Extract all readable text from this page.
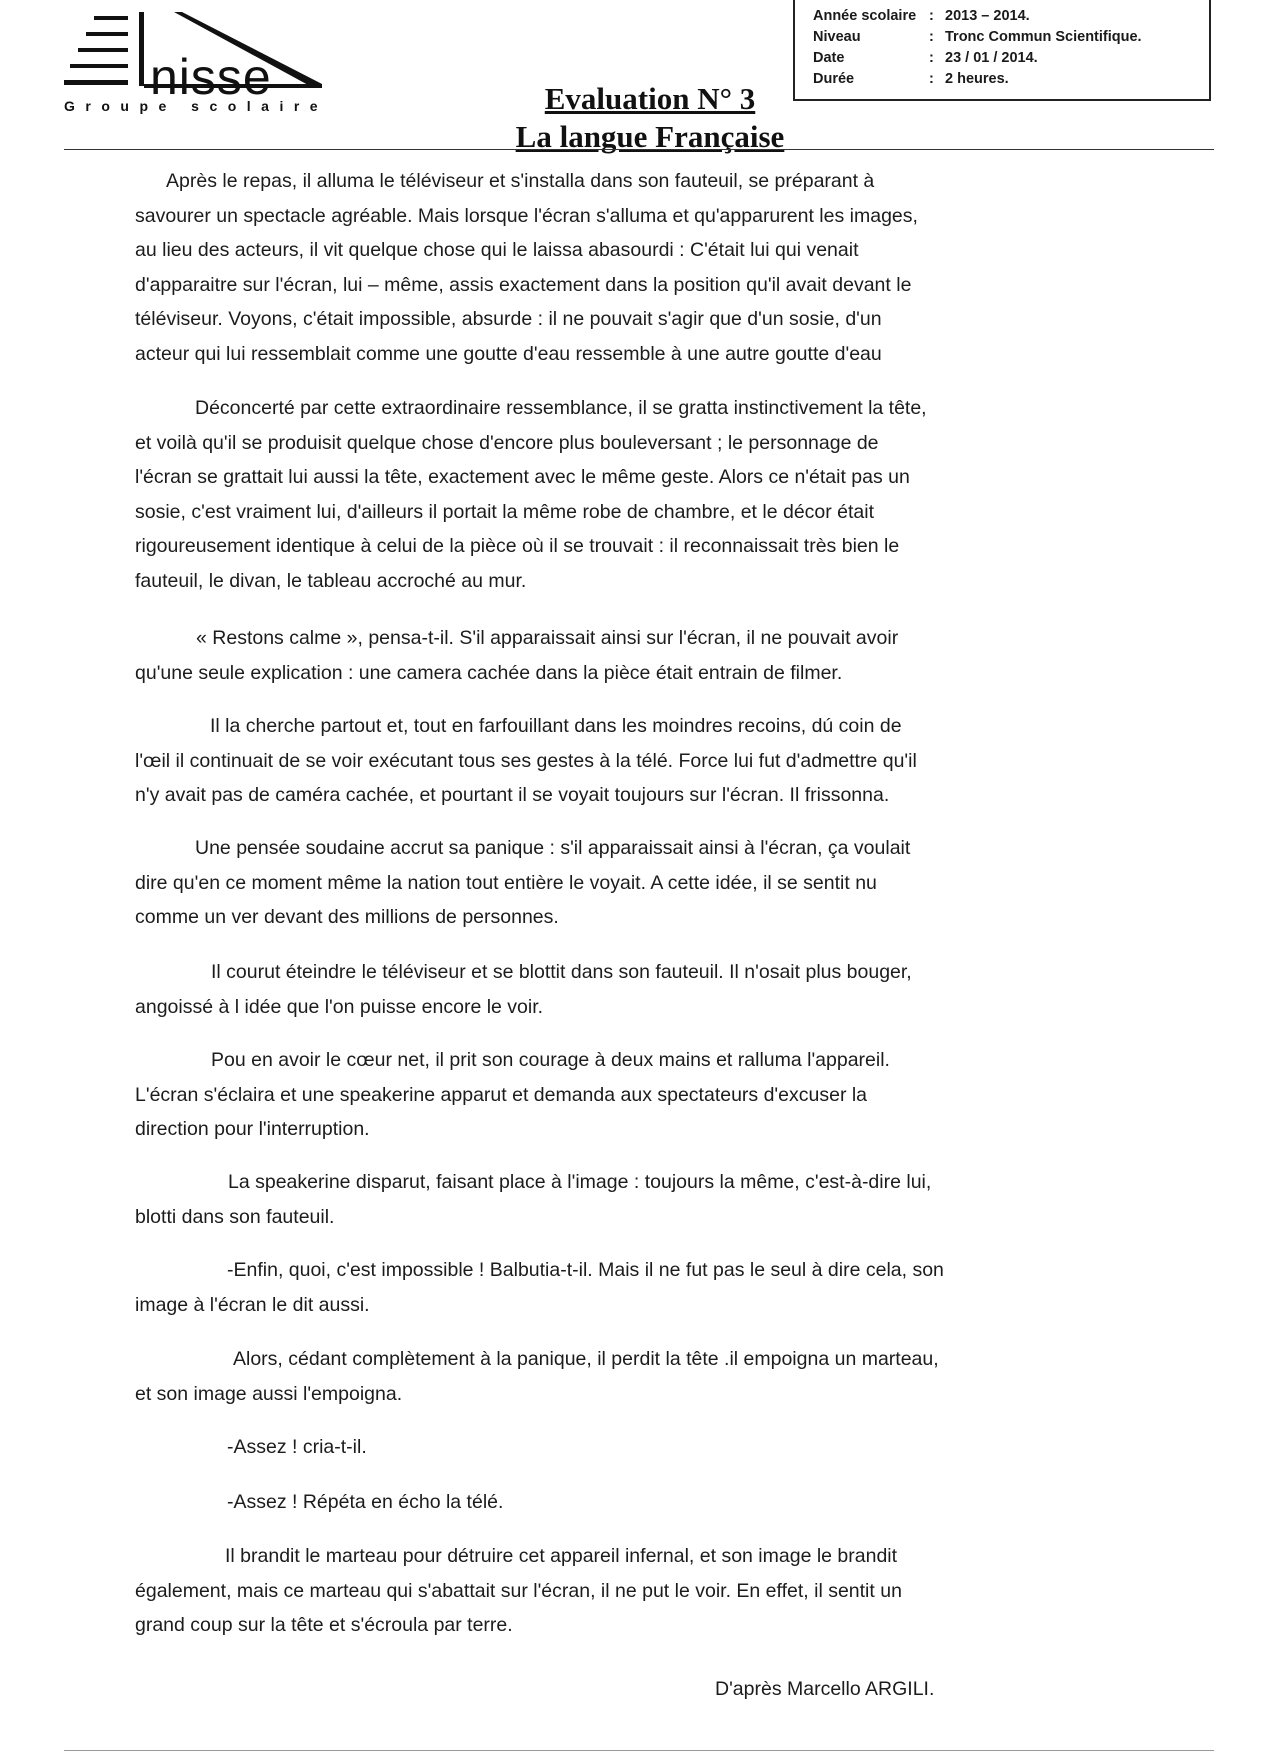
nisse
Groupe scolaire	Evaluation N° 3

La langue Française

Année scolaire : 2013 – 2014.
Niveau	: Tronc Commun Scientifique.
Date	: 23 / 01 / 2014.
Durée	: 2 heures.

Après le repas, il alluma le téléviseur et s'installa dans son fauteuil, se préparant à
savourer un spectacle agréable. Mais lorsque l'écran s'alluma et qu'apparurent les images,
au lieu des acteurs, il vit quelque chose qui le laissa abasourdi : C'était lui qui venait
d'apparaitre sur l'écran, lui – même, assis exactement dans la position qu'il avait devant le
téléviseur. Voyons, c'était impossible, absurde : il ne pouvait s'agir que d'un sosie, d'un
acteur qui lui ressemblait comme une goutte d'eau ressemble à une autre goutte d'eau

Déconcerté par cette extraordinaire ressemblance, il se gratta instinctivement la tête,
et voilà qu'il se produisit quelque chose d'encore plus bouleversant ; le personnage de
l'écran se grattait lui aussi la tête, exactement avec le même geste. Alors ce n'était pas un
sosie, c'est vraiment lui, d'ailleurs il portait la même robe de chambre, et le décor était
rigoureusement identique à celui de la pièce où il se trouvait : il reconnaissait très bien le
fauteuil, le divan, le tableau accroché au mur.

« Restons calme », pensa-t-il. S'il apparaissait ainsi sur l'écran, il ne pouvait avoir
qu'une seule explication : une camera cachée dans la pièce était entrain de filmer.

Il la cherche partout et, tout en farfouillant dans les moindres recoins, dú coin de
l'œil il continuait de se voir exécutant tous ses gestes à la télé. Force lui fut d'admettre qu'il
n'y avait pas de caméra cachée, et pourtant il se voyait toujours sur l'écran. Il frissonna.

Une pensée soudaine accrut sa panique : s'il apparaissait ainsi à l'écran, ça voulait
dire qu'en ce moment même la nation tout entière le voyait. A cette idée, il se sentit nu
comme un ver devant des millions de personnes.

Il courut éteindre le téléviseur et se blottit dans son fauteuil. Il n'osait plus bouger,
angoissé à l idée que l'on puisse encore le voir.

Pou en avoir le cœur net, il prit son courage à deux mains et ralluma l'appareil.
L'écran s'éclaira et une speakerine apparut et demanda aux spectateurs d'excuser la
direction pour l'interruption.

La speakerine disparut, faisant place à l'image : toujours la même, c'est-à-dire lui,
blotti dans son fauteuil.

-Enfin, quoi, c'est impossible ! Balbutia-t-il. Mais il ne fut pas le seul à dire cela, son
image à l'écran le dit aussi.

Alors, cédant complètement à la panique, il perdit la tête .il empoigna un marteau,
et son image aussi l'empoigna.

-Assez ! cria-t-il.

-Assez ! Répéta en écho la télé.

Il brandit le marteau pour détruire cet appareil infernal, et son image le brandit
également, mais ce marteau qui s'abattait sur l'écran, il ne put le voir. En effet, il sentit un
grand coup sur la tête et s'écroula par terre.

D'après Marcello ARGILI.
